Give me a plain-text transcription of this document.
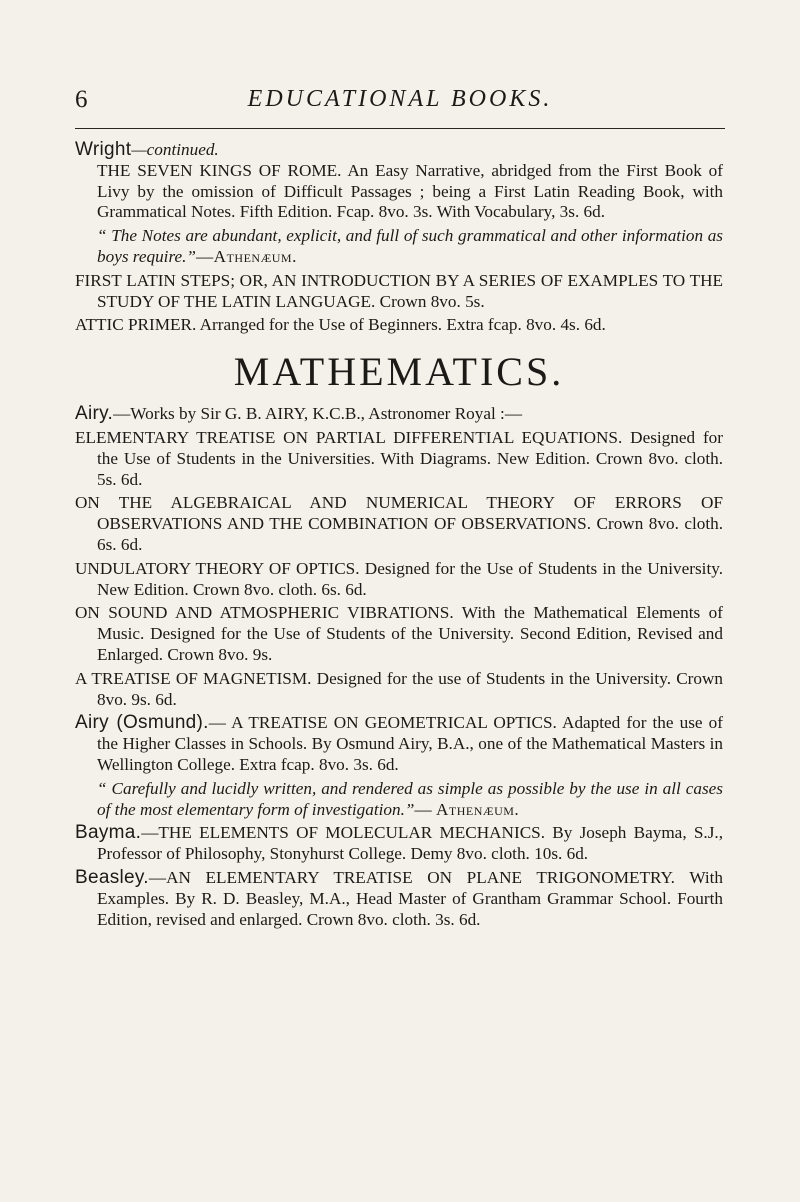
6	EDUCATIONAL BOOKS.

Wright—continued.
THE SEVEN KINGS OF ROME. An Easy Narrative, abridged from the First Book of Livy by the omission of Difficult Passages ; being a First Latin Reading Book, with Grammatical Notes. Fifth Edition. Fcap. 8vo. 3s. With Vocabulary, 3s. 6d.

“ The Notes are abundant, explicit, and full of such grammatical and other information as boys require.”—Athenæum.

FIRST LATIN STEPS; OR, AN INTRODUCTION BY A SERIES OF EXAMPLES TO THE STUDY OF THE LATIN LANGUAGE. Crown 8vo. 5s.

ATTIC PRIMER. Arranged for the Use of Beginners. Extra fcap. 8vo. 4s. 6d.

MATHEMATICS.

Airy.—Works by Sir G. B. AIRY, K.C.B., Astronomer Royal :—

ELEMENTARY TREATISE ON PARTIAL DIFFERENTIAL EQUATIONS. Designed for the Use of Students in the Universities. With Diagrams. New Edition. Crown 8vo. cloth. 5s. 6d.

ON THE ALGEBRAICAL AND NUMERICAL THEORY OF ERRORS OF OBSERVATIONS AND THE COMBINATION OF OBSERVATIONS. Crown 8vo. cloth. 6s. 6d.

UNDULATORY THEORY OF OPTICS. Designed for the Use of Students in the University. New Edition. Crown 8vo. cloth. 6s. 6d.

ON SOUND AND ATMOSPHERIC VIBRATIONS. With the Mathematical Elements of Music. Designed for the Use of Students of the University. Second Edition, Revised and Enlarged. Crown 8vo. 9s.

A TREATISE OF MAGNETISM. Designed for the use of Students in the University. Crown 8vo. 9s. 6d.

Airy (Osmund).— A TREATISE ON GEOMETRICAL OPTICS. Adapted for the use of the Higher Classes in Schools. By Osmund Airy, B.A., one of the Mathematical Masters in Wellington College. Extra fcap. 8vo. 3s. 6d.

“ Carefully and lucidly written, and rendered as simple as possible by the use in all cases of the most elementary form of investigation.”— Athenæum.

Bayma.—THE ELEMENTS OF MOLECULAR MECHANICS. By Joseph Bayma, S.J., Professor of Philosophy, Stonyhurst College. Demy 8vo. cloth. 10s. 6d.

Beasley.—AN ELEMENTARY TREATISE ON PLANE TRIGONOMETRY. With Examples. By R. D. Beasley, M.A., Head Master of Grantham Grammar School. Fourth Edition, revised and enlarged. Crown 8vo. cloth. 3s. 6d.
